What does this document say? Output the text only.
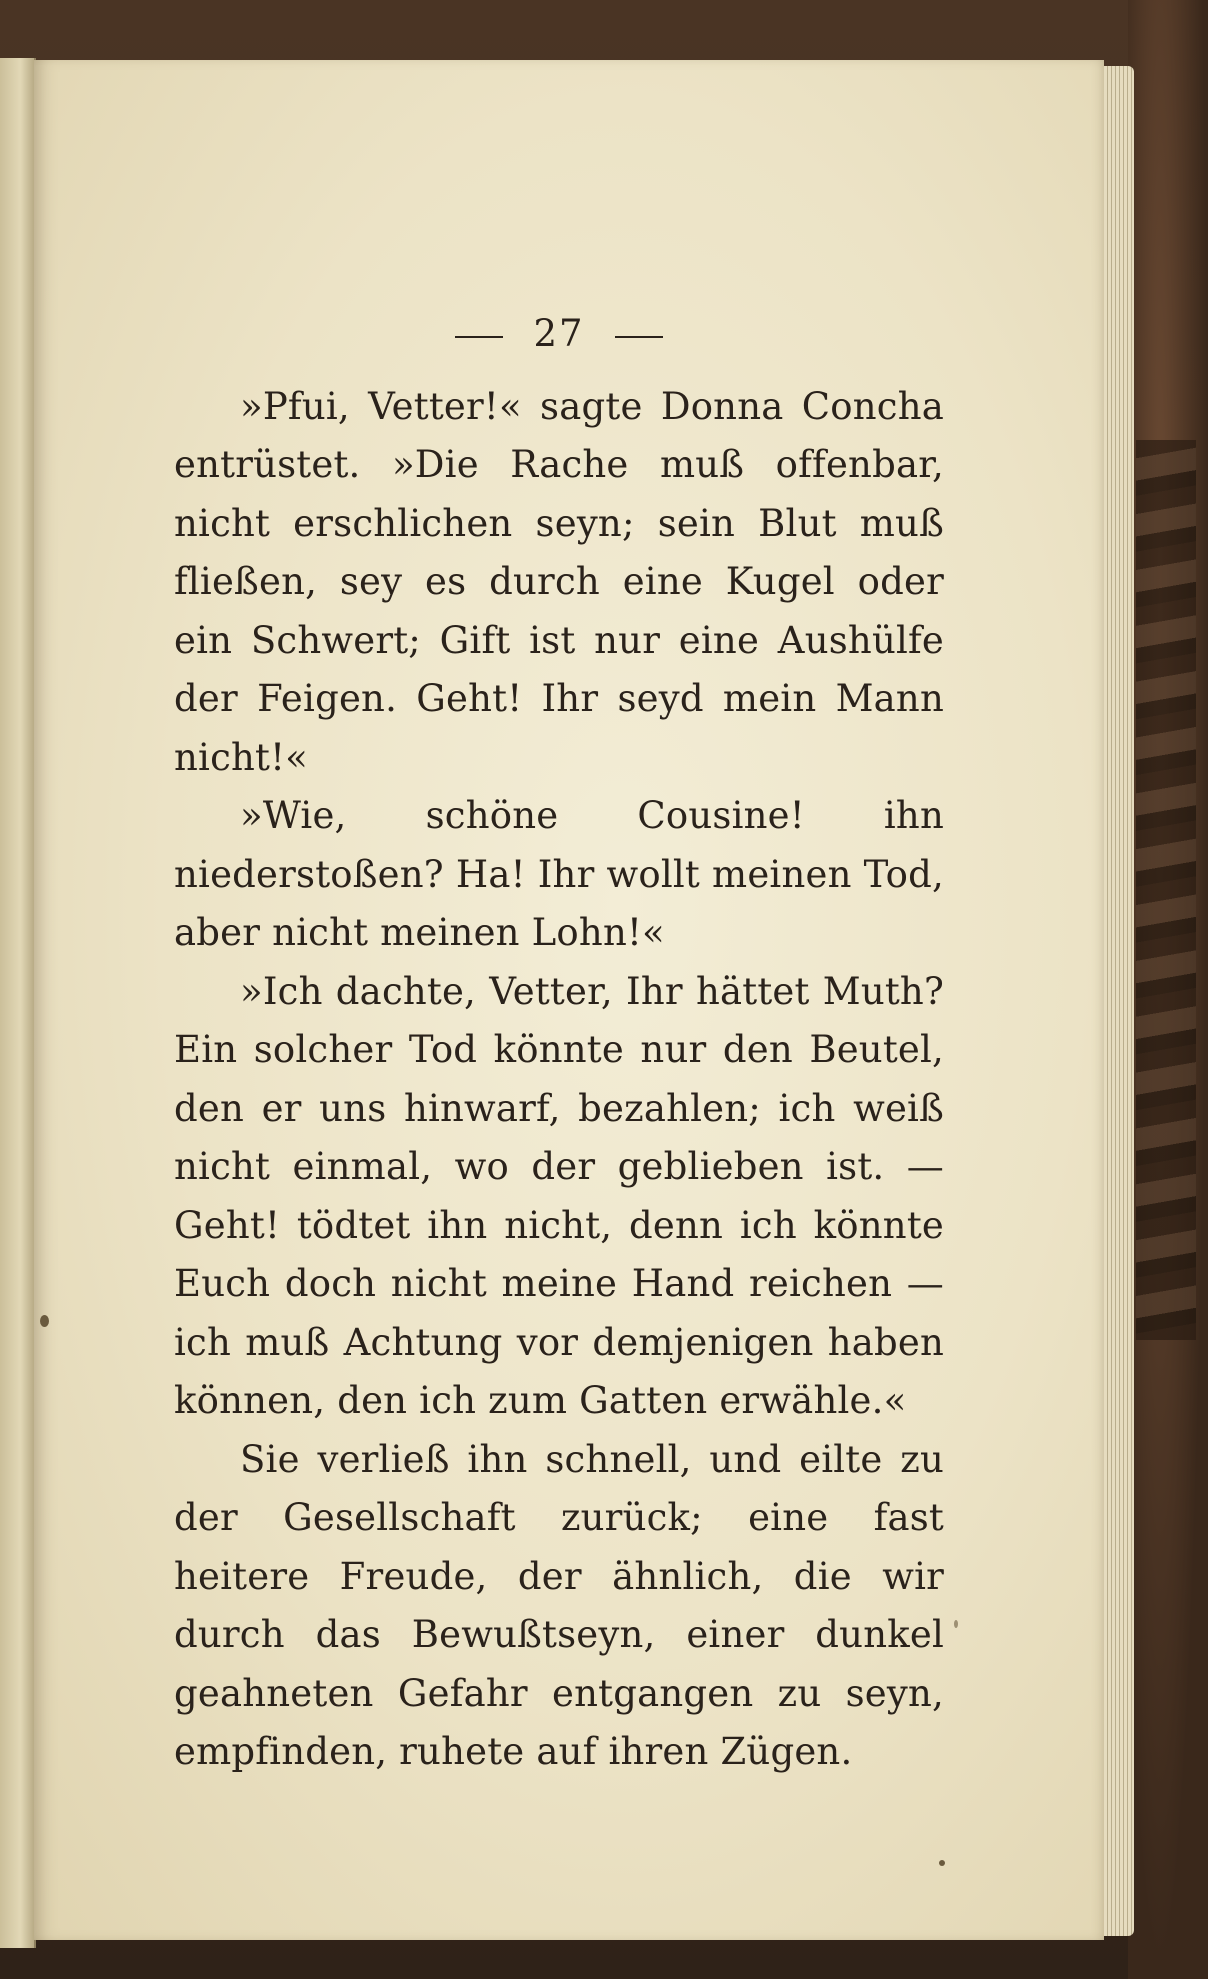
27

»Pfui, Vetter!« sagte Donna Concha entrüstet. »Die Rache muß offenbar, nicht erschlichen seyn; sein Blut muß fließen, sey es durch eine Kugel oder ein Schwert; Gift ist nur eine Aushülfe der Feigen. Geht! Ihr seyd mein Mann nicht!«

»Wie, schöne Cousine! ihn niederstoßen? Ha! Ihr wollt meinen Tod, aber nicht meinen Lohn!«

»Ich dachte, Vetter, Ihr hättet Muth? Ein solcher Tod könnte nur den Beutel, den er uns hinwarf, bezahlen; ich weiß nicht einmal, wo der geblieben ist. — Geht! tödtet ihn nicht, denn ich könnte Euch doch nicht meine Hand reichen — ich muß Achtung vor demjenigen haben können, den ich zum Gatten erwähle.«

Sie verließ ihn schnell, und eilte zu der Gesellschaft zurück; eine fast heitere Freude, der ähnlich, die wir durch das Bewußtseyn, einer dunkel geahneten Gefahr entgangen zu seyn, empfinden, ruhete auf ihren Zügen.
